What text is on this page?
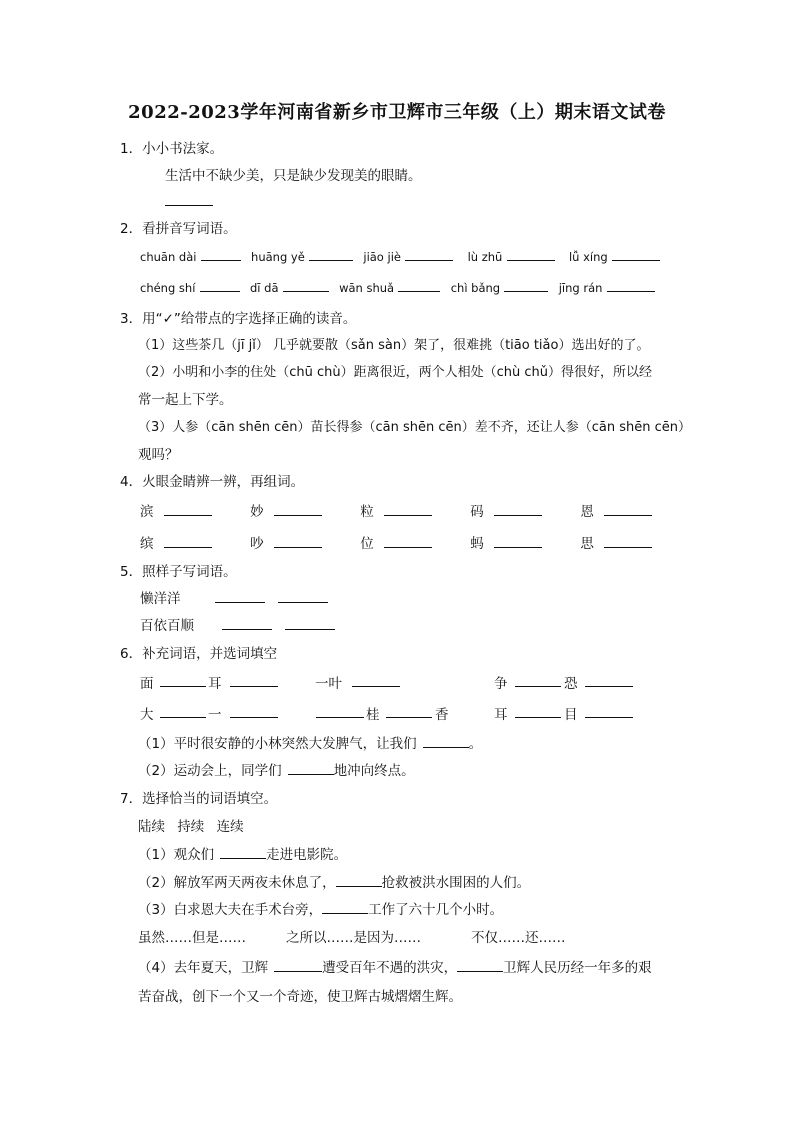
2022-2023学年河南省新乡市卫辉市三年级（上）期末语文试卷
1．小小书法家。
生活中不缺少美，只是缺少发现美的眼睛。
2．看拼音写词语。
chuān dài	huāng yě	jiāo jiè	lù zhū	lǚ xíng
chéng shí	dī dā	wān shuǎ	chì bǎng	jīng rán
3．用“✓”给带点的字选择正确的读音。
（1）这些茶几（jī jǐ） 几乎就要散（sǎn sàn）架了，很难挑（tiāo tiǎo）选出好的了。
（2）小明和小李的住处（chū chù）距离很近，两个人相处（chù chǔ）得很好，所以经
常一起上下学。
（3）人参（cān shēn cēn）苗长得参（cān shēn cēn）差不齐，还让人参（cān shēn cēn）
观吗？
4．火眼金睛辨一辨，再组词。
滨	妙	粒	码	恩
缤	吵	位	蚂	思
5．照样子写词语。
懒洋洋
百依百顺
6．补充词语，并选词填空
面	耳	一叶	争	恐
大	一	桂	香	耳	目
（1）平时很安静的小林突然大发脾气，让我们	。
（2）运动会上，同学们	地冲向终点。
7．选择恰当的词语填空。
陆续 持续 连续
（1）观众们	走进电影院。
（2）解放军两天两夜未休息了，	抢救被洪水围困的人们。
（3）白求恩大夫在手术台旁，	工作了六十几个小时。
虽然……但是……	之所以……是因为……	不仅……还……
（4）去年夏天，卫辉	遭受百年不遇的洪灾，	卫辉人民历经一年多的艰
苦奋战，创下一个又一个奇迹，使卫辉古城熠熠生辉。
